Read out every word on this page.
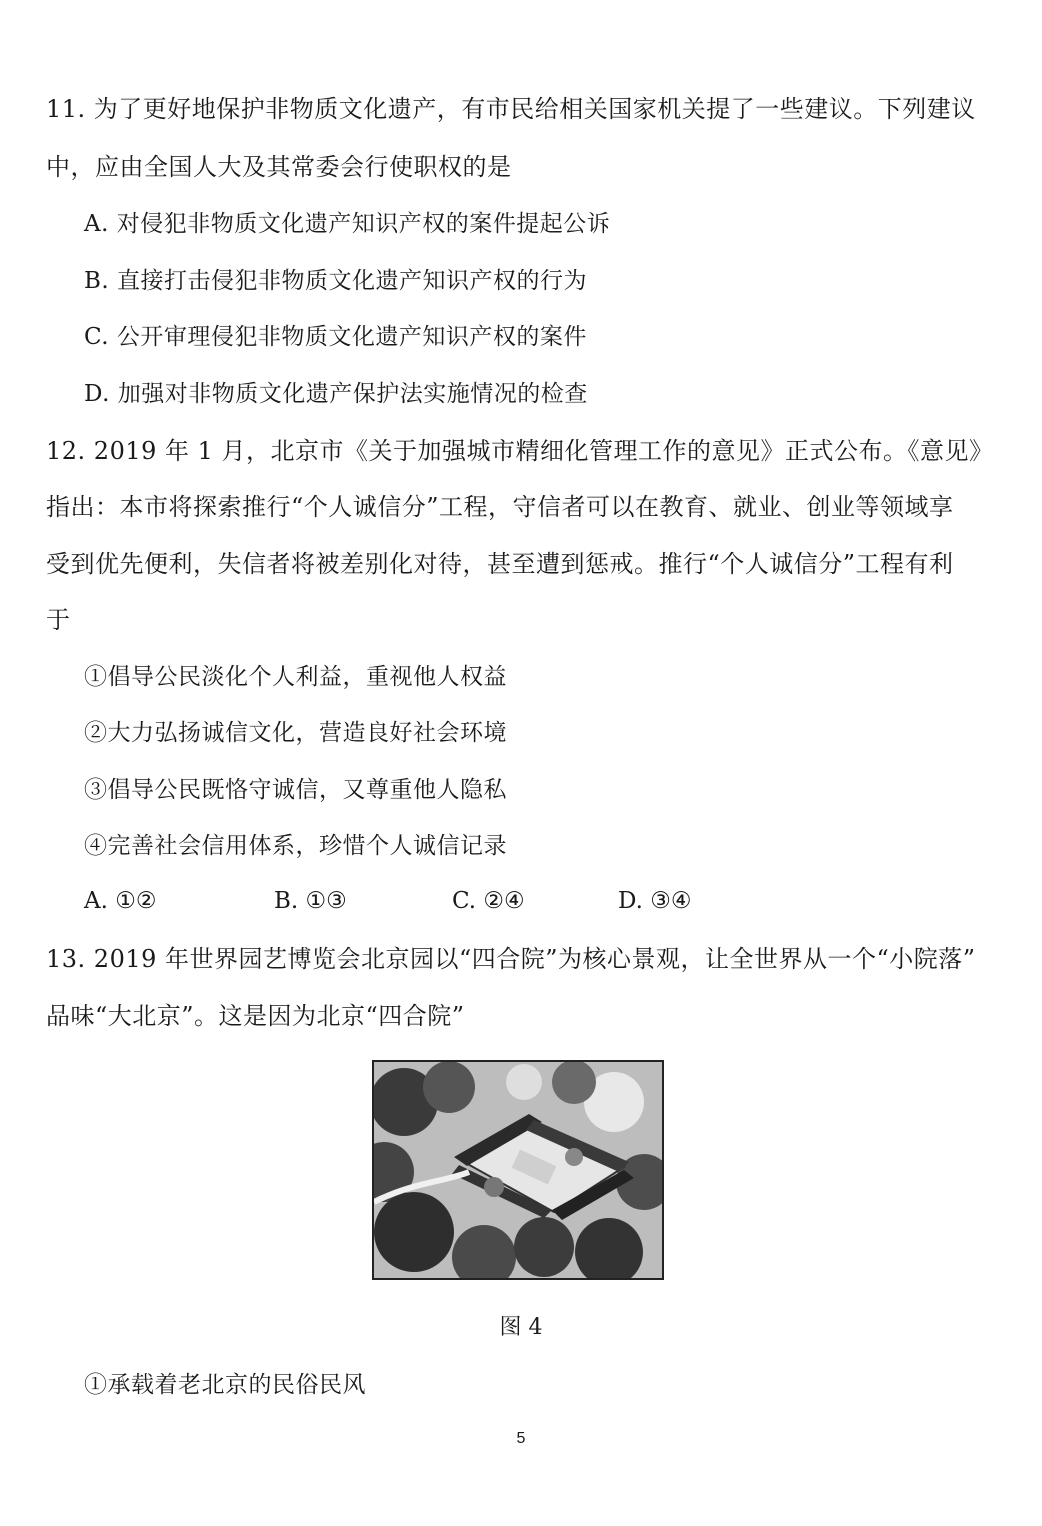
11. 为了更好地保护非物质文化遗产，有市民给相关国家机关提了一些建议。下列建议
中，应由全国人大及其常委会行使职权的是
A. 对侵犯非物质文化遗产知识产权的案件提起公诉
B. 直接打击侵犯非物质文化遗产知识产权的行为
C. 公开审理侵犯非物质文化遗产知识产权的案件
D. 加强对非物质文化遗产保护法实施情况的检查
12. 2019 年 1 月，北京市《关于加强城市精细化管理工作的意见》正式公布。《意见》
指出：本市将探索推行“个人诚信分”工程，守信者可以在教育、就业、创业等领域享
受到优先便利，失信者将被差别化对待，甚至遭到惩戒。推行“个人诚信分”工程有利
于
①倡导公民淡化个人利益，重视他人权益
②大力弘扬诚信文化，营造良好社会环境
③倡导公民既恪守诚信，又尊重他人隐私
④完善社会信用体系，珍惜个人诚信记录
A. ①②	B. ①③	C. ②④	D. ③④
13. 2019 年世界园艺博览会北京园以“四合院”为核心景观，让全世界从一个“小院落”
品味“大北京”。这是因为北京“四合院”
图 4
①承载着老北京的民俗民风
5
